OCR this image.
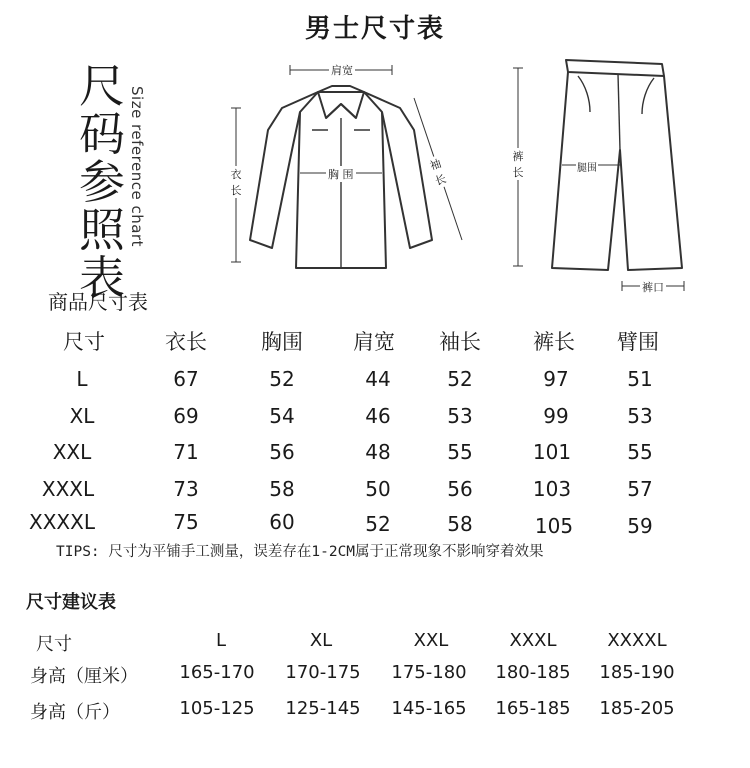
男士尺寸表
尺
码
参
照
表
Size reference chart
肩宽
胸 围
衣 长
袖 长
裤 长	腿围
裤口
商品尺寸表
尺寸	衣长	胸围	肩宽	袖长	裤长	臂围
L	67	52	44	52	97	51
XL	69	54	46	53	99	53
XXL	71	56	48	55	101	55
XXXL	73	58	50	56	103	57
XXXXL	75	60	52	58	105	59
TIPS: 尺寸为平铺手工测量，误差存在1-2CM属于正常现象不影响穿着效果
尺寸建议表
尺寸	L	XL	XXL	XXXL	XXXXL
身高（厘米）	165-170	170-175	175-180	180-185	185-190
身高（斤）	105-125	125-145	145-165	165-185	185-205
